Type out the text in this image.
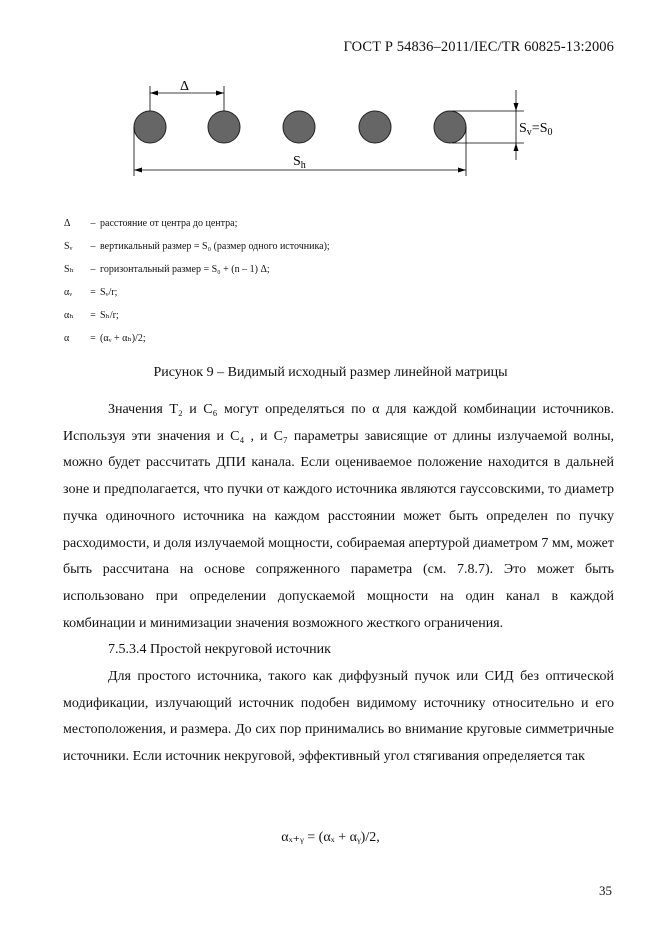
ГОСТ Р 54836–2011/IEC/TR 60825-13:2006
Δ
$S_v=S_0$
$S_h$
Δ	– расстояние от центра до центра;
Sᵥ	– вертикальный размер = S₀ (размер одного источника);
Sₕ	– горизонтальный размер = S₀ + (n – 1) Δ;
αᵥ	= Sᵥ/r;
αₕ	= Sₕ/r;
α	= (αᵥ + αₕ)/2;
Рисунок 9 – Видимый исходный размер линейной матрицы

Значения T₂ и C₆ могут определяться по α для каждой комбинации источников. Используя эти значения и C₄ , и C₇ параметры зависящие от длины излучаемой волны, можно будет рассчитать ДПИ канала. Если оцениваемое положение находится в дальней зоне и предполагается, что пучки от каждого источника являются гауссовскими, то диаметр пучка одиночного источника на каждом расстоянии может быть определен по пучку расходимости, и доля излучаемой мощности, собираемая апертурой диаметром 7 мм, может быть рассчитана на основе сопряженного параметра (см. 7.8.7). Это может быть использовано при определении допускаемой мощности на один канал в каждой комбинации и минимизации значения возможного жесткого ограничения.

7.5.3.4 Простой некруговой источник

Для простого источника, такого как диффузный пучок или СИД без оптической модификации, излучающий источник подобен видимому источнику относительно и его местоположения, и размера. До сих пор принимались во внимание круговые симметричные источники. Если источник некруговой, эффективный угол стягивания определяется так

αₓ₊ᵧ = (αₓ + αᵧ)/2,
35
